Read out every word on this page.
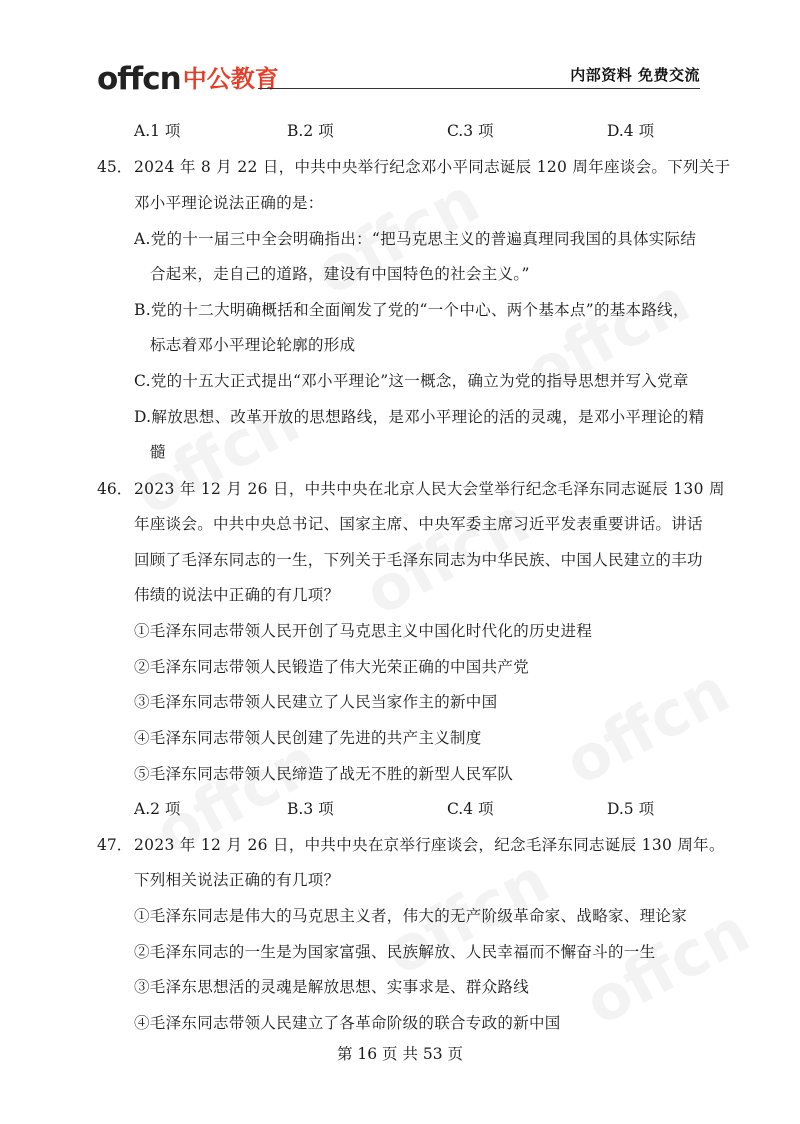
offcn 中公教育	内部资料 免费交流
A.1 项	B.2 项	C.3 项	D.4 项
45． 2024 年 8 月 22 日，中共中央举行纪念邓小平同志诞辰 120 周年座谈会。下列关于
邓小平理论说法正确的是：
A.党的十一届三中全会明确指出：“把马克思主义的普遍真理同我国的具体实际结
合起来，走自己的道路，建设有中国特色的社会主义。”
B.党的十二大明确概括和全面阐发了党的“一个中心、两个基本点”的基本路线，
标志着邓小平理论轮廓的形成
C.党的十五大正式提出“邓小平理论”这一概念，确立为党的指导思想并写入党章
D.解放思想、改革开放的思想路线，是邓小平理论的活的灵魂，是邓小平理论的精
髓
46． 2023 年 12 月 26 日，中共中央在北京人民大会堂举行纪念毛泽东同志诞辰 130 周
年座谈会。中共中央总书记、国家主席、中央军委主席习近平发表重要讲话。讲话
回顾了毛泽东同志的一生，下列关于毛泽东同志为中华民族、中国人民建立的丰功
伟绩的说法中正确的有几项？
①毛泽东同志带领人民开创了马克思主义中国化时代化的历史进程
②毛泽东同志带领人民锻造了伟大光荣正确的中国共产党
③毛泽东同志带领人民建立了人民当家作主的新中国
④毛泽东同志带领人民创建了先进的共产主义制度
⑤毛泽东同志带领人民缔造了战无不胜的新型人民军队
A.2 项	B.3 项	C.4 项	D.5 项
47． 2023 年 12 月 26 日，中共中央在京举行座谈会，纪念毛泽东同志诞辰 130 周年。
下列相关说法正确的有几项？
①毛泽东同志是伟大的马克思主义者，伟大的无产阶级革命家、战略家、理论家
②毛泽东同志的一生是为国家富强、民族解放、人民幸福而不懈奋斗的一生
③毛泽东思想活的灵魂是解放思想、实事求是、群众路线
④毛泽东同志带领人民建立了各革命阶级的联合专政的新中国
第 16 页 共 53 页
